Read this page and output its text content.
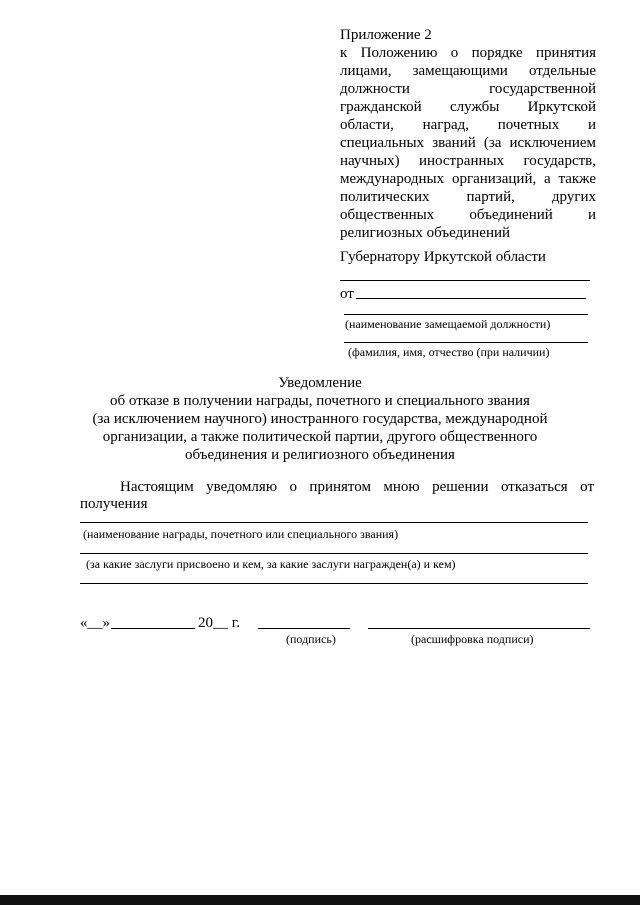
Приложение 2
к Положению о порядке принятия
лицами, замещающими отдельные
должности государственной
гражданской службы Иркутской
области, наград, почетных и
специальных званий (за исключением
научных) иностранных государств,
международных организаций, а также
политических партий, других
общественных объединений и
религиозных объединений
Губернатору Иркутской области
от
(наименование замещаемой должности)
(фамилия, имя, отчество (при наличии)
Уведомление
об отказе в получении награды, почетного и специального звания
(за исключением научного) иностранного государства, международной
организации, а также политической партии, другого общественного
объединения и религиозного объединения
Настоящим уведомляю о принятом мною решении отказаться от
получения
(наименование награды, почетного или специального звания)
(за какие заслуги присвоено и кем, за какие заслуги награжден(а) и кем)
«__»	20__ г.
(подпись)	(расшифровка подписи)
